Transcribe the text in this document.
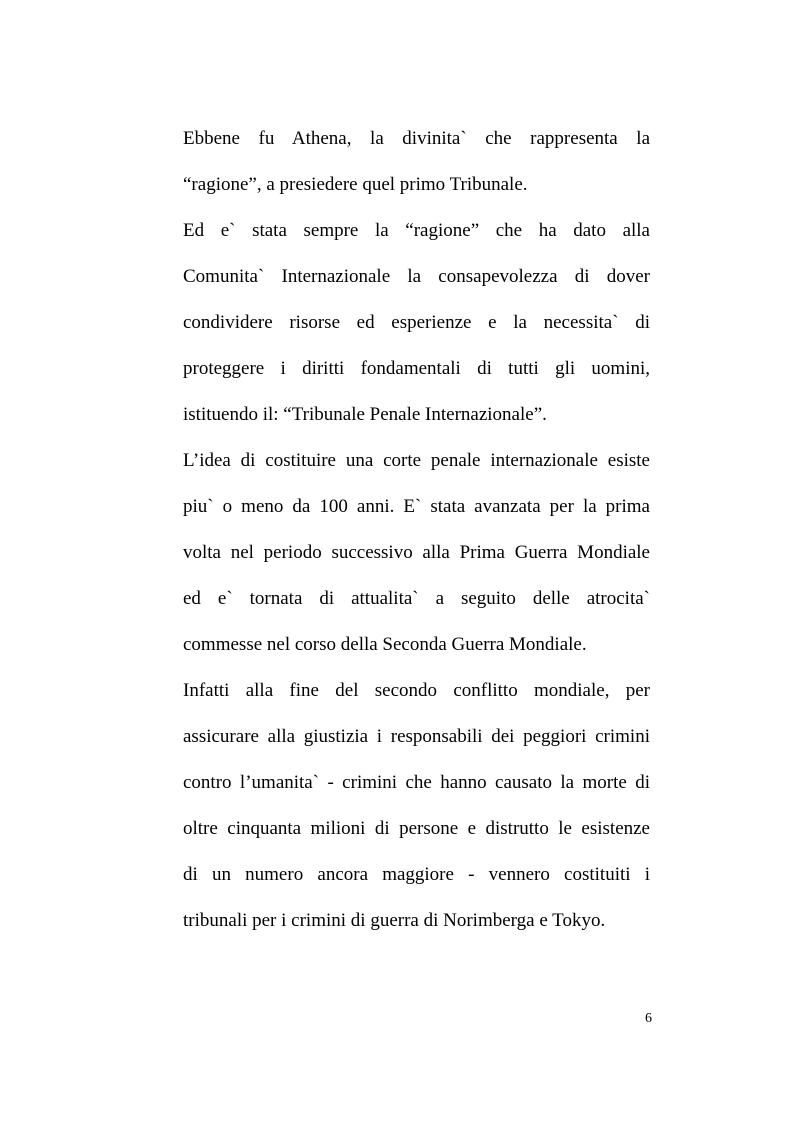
Ebbene fu Athena, la divinita` che rappresenta la
“ragione”, a presiedere quel primo Tribunale.

Ed e` stata sempre la “ragione” che ha dato alla
Comunita` Internazionale la consapevolezza di dover
condividere risorse ed esperienze e la necessita` di
proteggere i diritti fondamentali di tutti gli uomini,
istituendo il: “Tribunale Penale Internazionale”.

L’idea di costituire una corte penale internazionale esiste
piu` o meno da 100 anni. E` stata avanzata per la prima
volta nel periodo successivo alla Prima Guerra Mondiale
ed e` tornata di attualita` a seguito delle atrocita`
commesse nel corso della Seconda Guerra Mondiale.

Infatti alla fine del secondo conflitto mondiale, per
assicurare alla giustizia i responsabili dei peggiori crimini
contro l’umanita` - crimini che hanno causato la morte di
oltre cinquanta milioni di persone e distrutto le esistenze
di un numero ancora maggiore - vennero costituiti i
tribunali per i crimini di guerra di Norimberga e Tokyo.

6
